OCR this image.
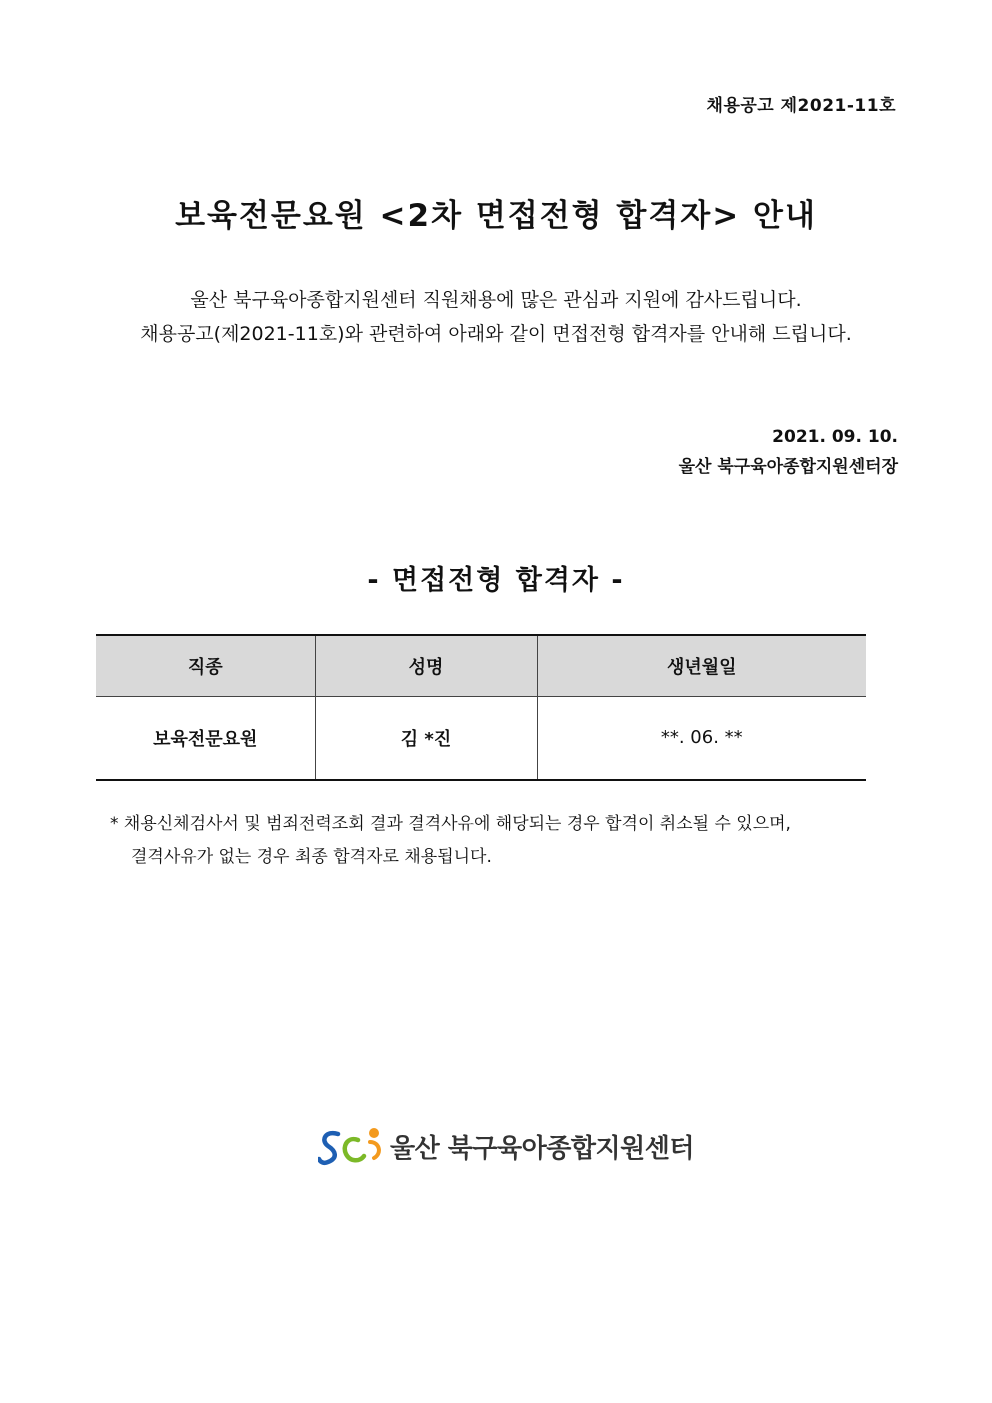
채용공고 제2021-11호
보육전문요원 <2차 면접전형 합격자> 안내
울산 북구육아종합지원센터 직원채용에 많은 관심과 지원에 감사드립니다.
채용공고(제2021-11호)와 관련하여 아래와 같이 면접전형 합격자를 안내해 드립니다.
2021. 09. 10.
울산 북구육아종합지원센터장
- 면접전형 합격자 -
직종	성명	생년월일
보육전문요원	김 *진	**. 06. **
* 채용신체검사서 및 범죄전력조회 결과 결격사유에 해당되는 경우 합격이 취소될 수 있으며,
결격사유가 없는 경우 최종 합격자로 채용됩니다.
울산 북구육아종합지원센터
